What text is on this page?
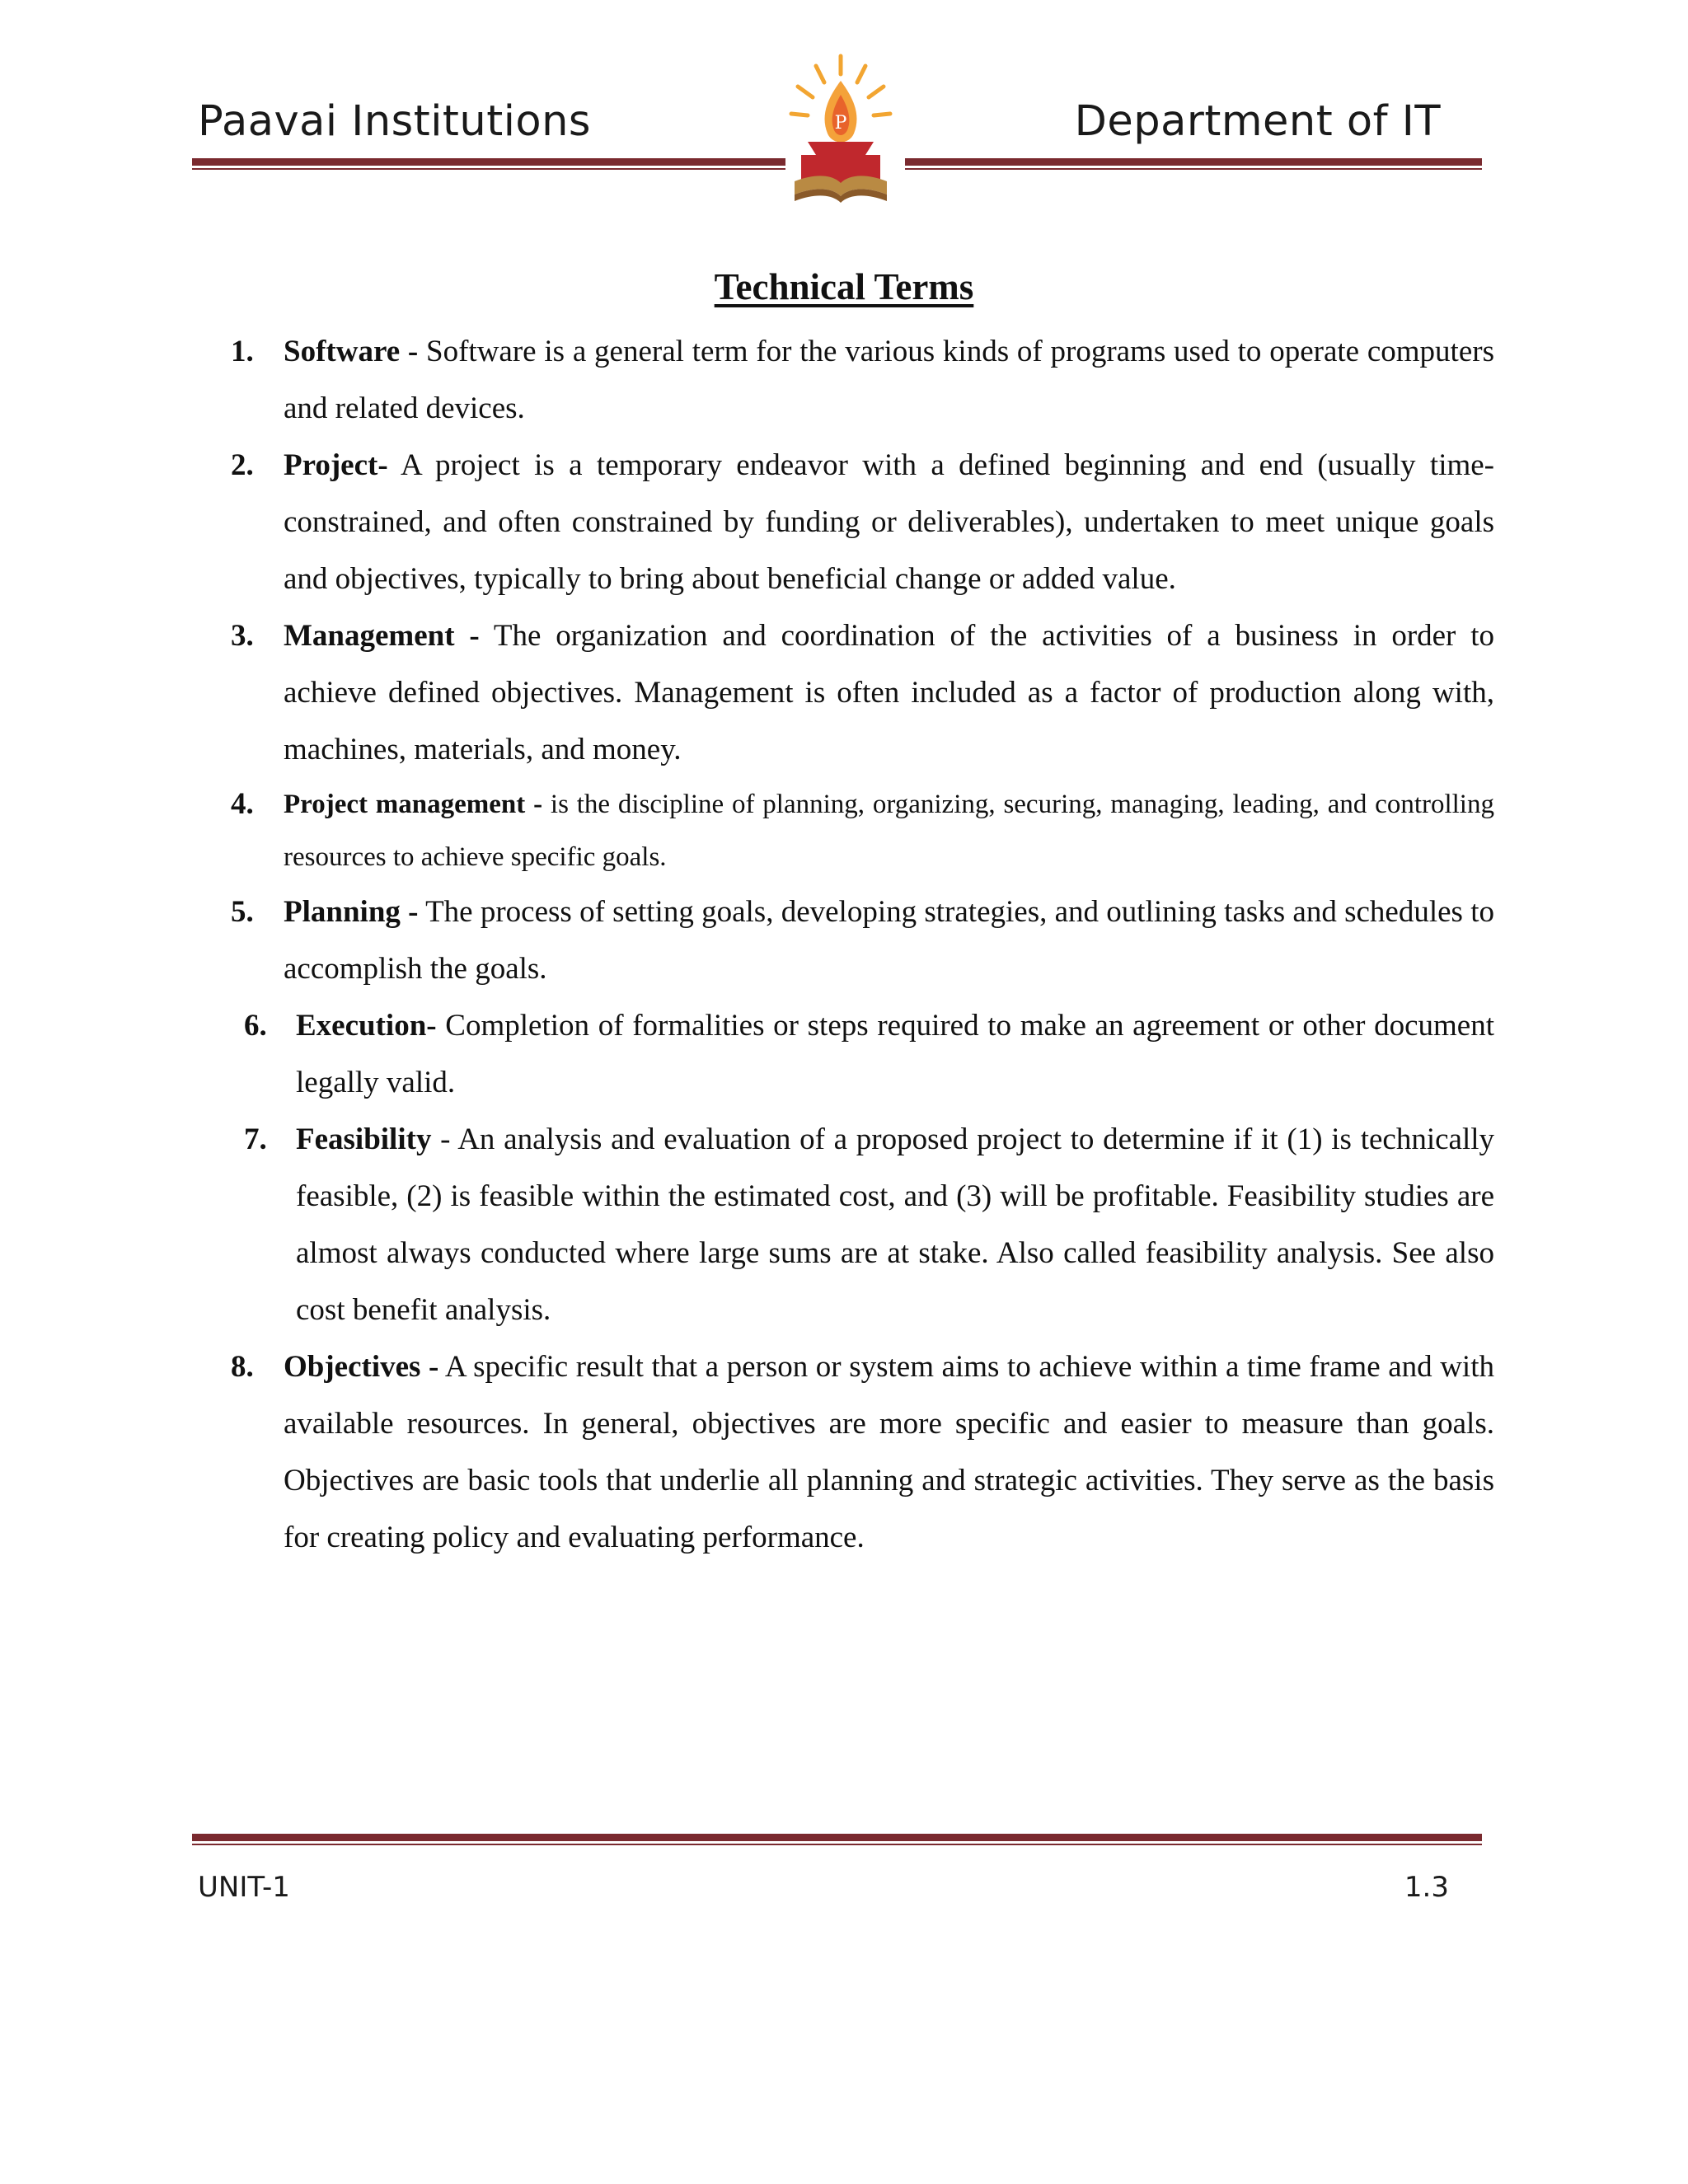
Paavai Institutions	Department of IT
P
Technical Terms
1. Software - Software is a general term for the various kinds of programs used to operate computers and related devices.
2. Project- A project is a temporary endeavor with a defined beginning and end (usually time-constrained, and often constrained by funding or deliverables), undertaken to meet unique goals and objectives, typically to bring about beneficial change or added value.
3. Management - The organization and coordination of the activities of a business in order to achieve defined objectives. Management is often included as a factor of production along with, machines, materials, and money.
4. Project management - is the discipline of planning, organizing, securing, managing, leading, and controlling resources to achieve specific goals.
5. Planning - The process of setting goals, developing strategies, and outlining tasks and schedules to accomplish the goals.
6. Execution- Completion of formalities or steps required to make an agreement or other document legally valid.
7. Feasibility - An analysis and evaluation of a proposed project to determine if it (1) is technically feasible, (2) is feasible within the estimated cost, and (3) will be profitable. Feasibility studies are almost always conducted where large sums are at stake. Also called feasibility analysis. See also cost benefit analysis.
8. Objectives - A specific result that a person or system aims to achieve within a time frame and with available resources. In general, objectives are more specific and easier to measure than goals. Objectives are basic tools that underlie all planning and strategic activities. They serve as the basis for creating policy and evaluating performance.
UNIT-1	1.3
